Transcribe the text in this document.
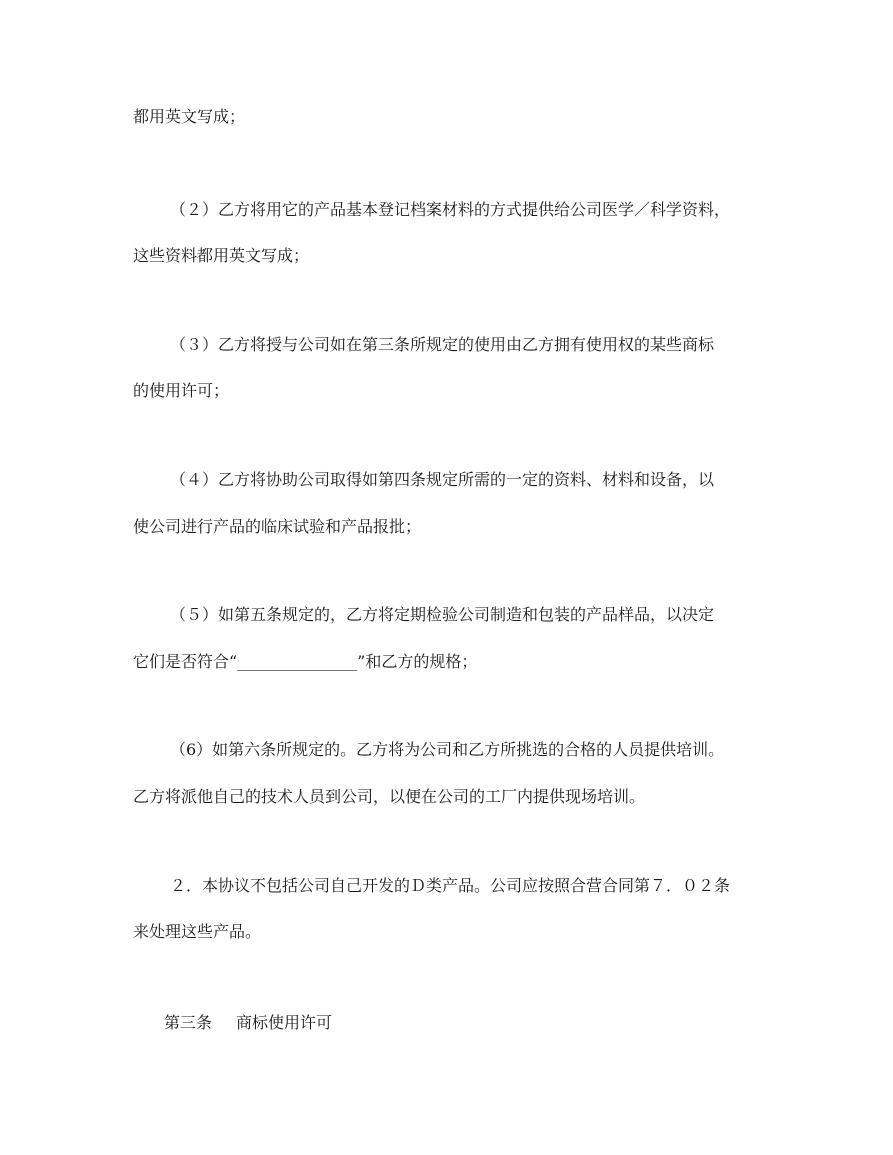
都用英文写成；
（２）乙方将用它的产品基本登记档案材料的方式提供给公司医学／科学资料，
这些资料都用英文写成；
（３）乙方将授与公司如在第三条所规定的使用由乙方拥有使用权的某些商标
的使用许可；
（４）乙方将协助公司取得如第四条规定所需的一定的资料、材料和设备，以
使公司进行产品的临床试验和产品报批；
（５）如第五条规定的，乙方将定期检验公司制造和包装的产品样品，以决定
它们是否符合“_______________”和乙方的规格；
（6）如第六条所规定的。乙方将为公司和乙方所挑选的合格的人员提供培训。
乙方将派他自己的技术人员到公司，以便在公司的工厂内提供现场培训。
２．本协议不包括公司自己开发的Ｄ类产品。公司应按照合营合同第７．０２条
来处理这些产品。
第三条 商标使用许可
